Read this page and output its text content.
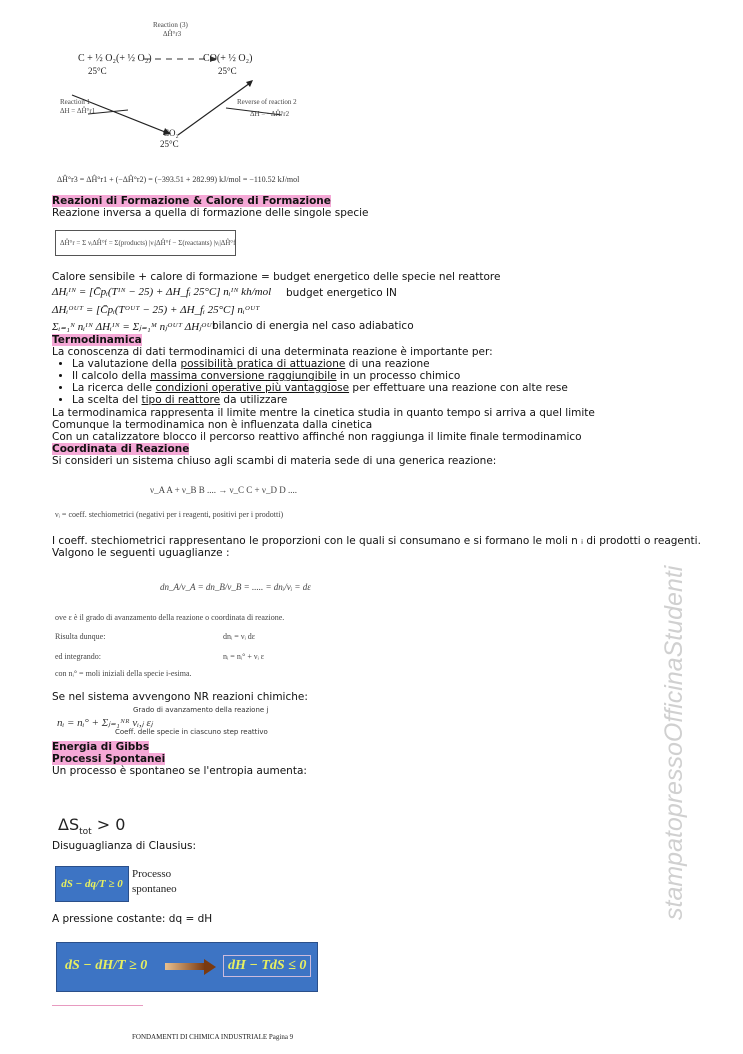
Reaction (3)
ΔĤ°r3
C + ½ O₂(+ ½ O₂)	CO(+ ½ O₂)
25°C	25°C
Reaction 1
ΔH = ΔĤ°r1
Reverse of reaction 2
ΔH = −ΔĤ°r2
CO₂
25°C
ΔĤ°r3 = ΔĤ°r1 + (−ΔĤ°r2) = (−393.51 + 282.99) kJ/mol = −110.52 kJ/mol
Reazioni di Formazione & Calore di Formazione
Reazione inversa a quella di formazione delle singole specie
ΔĤ°r = Σ νᵢΔĤ°f = Σ(products) |νᵢ|ΔĤ°f − Σ(reactants) |νᵢ|ΔĤ°f
Calore sensibile + calore di formazione = budget energetico delle specie nel reattore
ΔHᵢᴵᴺ = [C̄pᵢ(Tᴵᴺ − 25) + ΔH_fᵢ 25°C] nᵢᴵᴺ kh/mol budget energetico IN
ΔHᵢᴼᵁᵀ = [C̄pᵢ(Tᴼᵁᵀ − 25) + ΔH_fᵢ 25°C] nᵢᴼᵁᵀ
Σᵢ₌₁ᴺ nᵢᴵᴺ ΔHᵢᴵᴺ = Σⱼ₌₁ᴹ nⱼᴼᵁᵀ ΔHⱼᴼᵁᵀ
bilancio di energia nel caso adiabatico
Termodinamica
La conoscenza di dati termodinamici di una determinata reazione è importante per:
• La valutazione della possibilità pratica di attuazione di una reazione
• Il calcolo della massima conversione raggiungibile in un processo chimico
• La ricerca delle condizioni operative più vantaggiose per effettuare una reazione con alte rese
• La scelta del tipo di reattore da utilizzare
La termodinamica rappresenta il limite mentre la cinetica studia in quanto tempo si arriva a quel limite
Comunque la termodinamica non è influenzata dalla cinetica
Con un catalizzatore blocco il percorso reattivo affinché non raggiunga il limite finale termodinamico
Coordinata di Reazione
Si consideri un sistema chiuso agli scambi di materia sede di una generica reazione:
ν_A A + ν_B B .... → ν_C C + ν_D D ....
νᵢ = coeff. stechiometrici (negativi per i reagenti, positivi per i prodotti)
I coeff. stechiometrici rappresentano le proporzioni con le quali si consumano e si formano le moli n ᵢ di prodotti o reagenti. Valgono le seguenti uguaglianze :
dn_A/ν_A = dn_B/ν_B = ..... = dnᵢ/νᵢ = dε
ove ε è il grado di avanzamento della reazione o coordinata di reazione.
Risulta dunque:	dnᵢ = νᵢ dε
ed integrando:	nᵢ = nᵢ° + νᵢ ε
con nᵢ° = moli iniziali della specie i-esima.
Se nel sistema avvengono NR reazioni chimiche:
Grado di avanzamento della reazione j
nᵢ = nᵢ° + Σⱼ₌₁ᴺᴿ νᵢ,ⱼ εⱼ
Coeff. delle specie in ciascuno step reattivo
Energia di Gibbs
Processi Spontanei
Un processo è spontaneo se l'entropia aumenta:
$\Delta S_{tot} > 0$
Disuguaglianza di Clausius:
dS − dq/T ≥ 0
Processo
spontaneo
A pressione costante: dq = dH
dS − dH/T ≥ 0	dH − TdS ≤ 0
FONDAMENTI DI CHIMICA INDUSTRIALE Pagina 9
stampatopressoOfficinaStudenti
